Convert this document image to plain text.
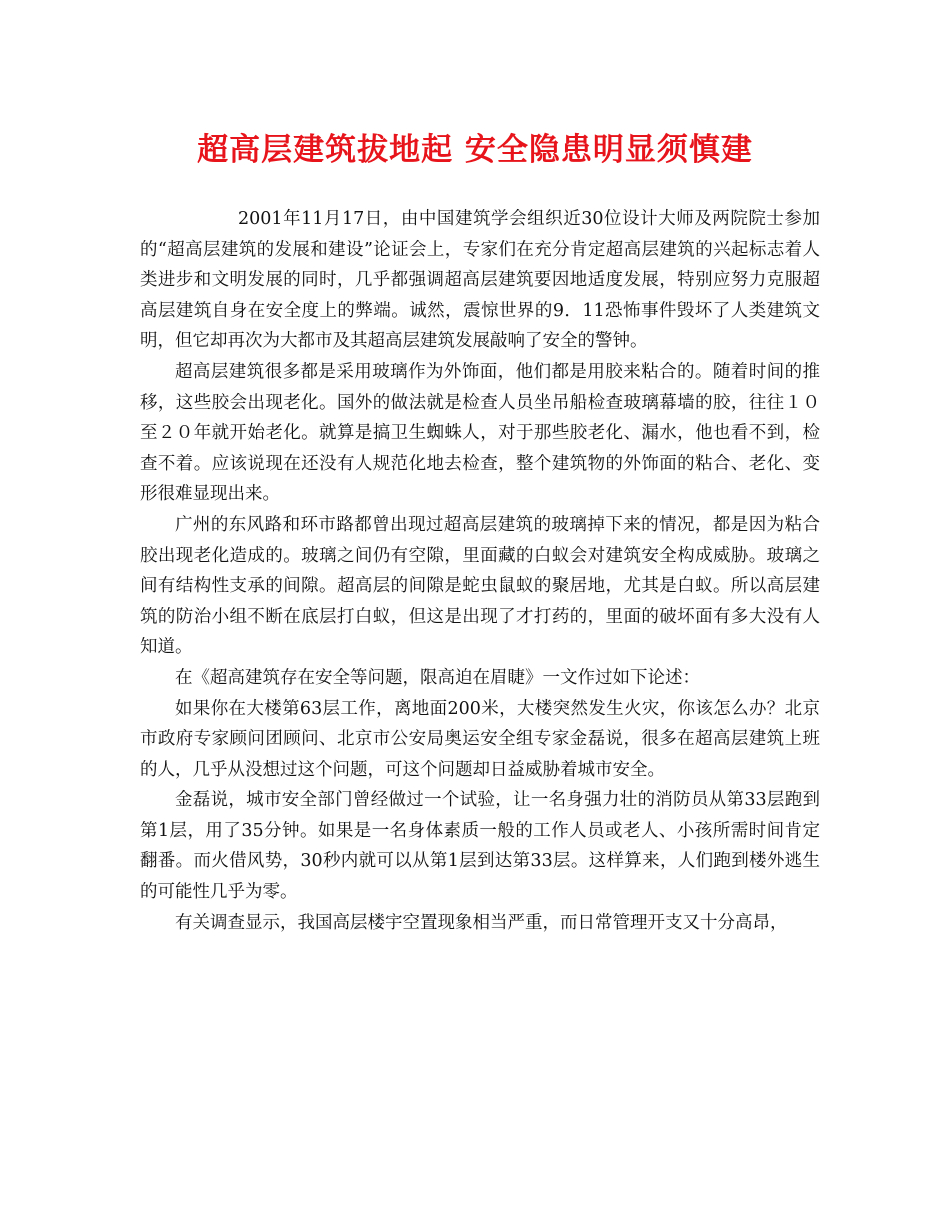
超高层建筑拔地起 安全隐患明显须慎建

2001年11月17日，由中国建筑学会组织近30位设计大师及两院院士参加的“超高层建筑的发展和建设”论证会上，专家们在充分肯定超高层建筑的兴起标志着人类进步和文明发展的同时，几乎都强调超高层建筑要因地适度发展，特别应努力克服超高层建筑自身在安全度上的弊端。诚然，震惊世界的9．11恐怖事件毁坏了人类建筑文明，但它却再次为大都市及其超高层建筑发展敲响了安全的警钟。

超高层建筑很多都是采用玻璃作为外饰面，他们都是用胶来粘合的。随着时间的推移，这些胶会出现老化。国外的做法就是检查人员坐吊船检查玻璃幕墙的胶，往往１０至２０年就开始老化。就算是搞卫生蜘蛛人，对于那些胶老化、漏水，他也看不到，检查不着。应该说现在还没有人规范化地去检查，整个建筑物的外饰面的粘合、老化、变形很难显现出来。

广州的东风路和环市路都曾出现过超高层建筑的玻璃掉下来的情况，都是因为粘合胶出现老化造成的。玻璃之间仍有空隙，里面藏的白蚁会对建筑安全构成威胁。玻璃之间有结构性支承的间隙。超高层的间隙是蛇虫鼠蚁的聚居地，尤其是白蚁。所以高层建筑的防治小组不断在底层打白蚁，但这是出现了才打药的，里面的破坏面有多大没有人知道。

在《超高建筑存在安全等问题，限高迫在眉睫》一文作过如下论述：

如果你在大楼第63层工作，离地面200米，大楼突然发生火灾，你该怎么办？北京市政府专家顾问团顾问、北京市公安局奥运安全组专家金磊说，很多在超高层建筑上班的人，几乎从没想过这个问题，可这个问题却日益威胁着城市安全。

金磊说，城市安全部门曾经做过一个试验，让一名身强力壮的消防员从第33层跑到第1层，用了35分钟。如果是一名身体素质一般的工作人员或老人、小孩所需时间肯定翻番。而火借风势，30秒内就可以从第1层到达第33层。这样算来，人们跑到楼外逃生的可能性几乎为零。

有关调查显示，我国高层楼宇空置现象相当严重，而日常管理开支又十分高昂，
